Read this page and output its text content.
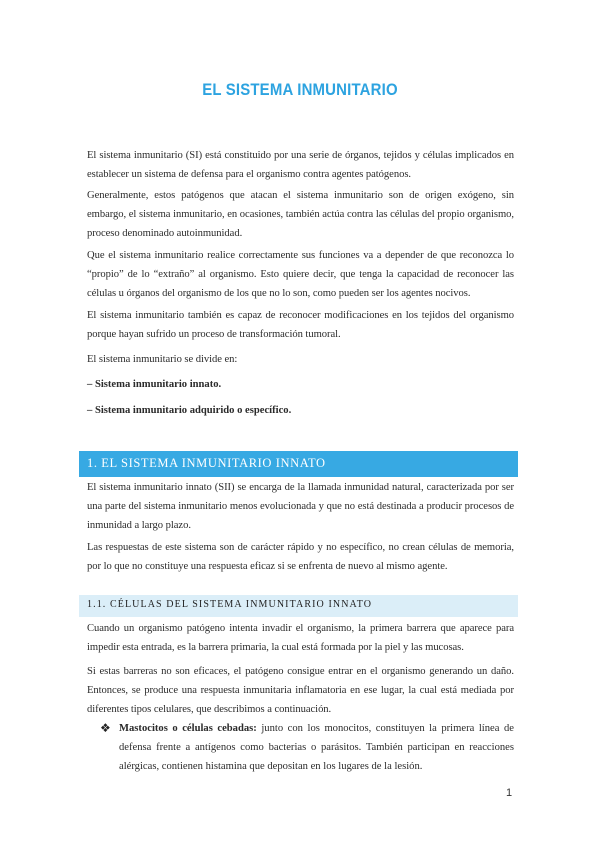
EL SISTEMA INMUNITARIO

El sistema inmunitario (SI) está constituido por una serie de órganos, tejidos y células implicados en establecer un sistema de defensa para el organismo contra agentes patógenos.

Generalmente, estos patógenos que atacan el sistema inmunitario son de origen exógeno, sin embargo, el sistema inmunitario, en ocasiones, también actúa contra las células del propio organismo, proceso denominado autoinmunidad.

Que el sistema inmunitario realice correctamente sus funciones va a depender de que reconozca lo “propio” de lo “extraño” al organismo. Esto quiere decir, que tenga la capacidad de reconocer las células u órganos del organismo de los que no lo son, como pueden ser los agentes nocivos.

El sistema inmunitario también es capaz de reconocer modificaciones en los tejidos del organismo porque hayan sufrido un proceso de transformación tumoral.

El sistema inmunitario se divide en:

– Sistema inmunitario innato.

– Sistema inmunitario adquirido o específico.

1. EL SISTEMA INMUNITARIO INNATO

El sistema inmunitario innato (SII) se encarga de la llamada inmunidad natural, caracterizada por ser una parte del sistema inmunitario menos evolucionada y que no está destinada a producir procesos de inmunidad a largo plazo.

Las respuestas de este sistema son de carácter rápido y no específico, no crean células de memoria, por lo que no constituye una respuesta eficaz si se enfrenta de nuevo al mismo agente.

1.1. CÉLULAS DEL SISTEMA INMUNITARIO INNATO

Cuando un organismo patógeno intenta invadir el organismo, la primera barrera que aparece para impedir esta entrada, es la barrera primaria, la cual está formada por la piel y las mucosas.

Si estas barreras no son eficaces, el patógeno consigue entrar en el organismo generando un daño. Entonces, se produce una respuesta inmunitaria inflamatoria en ese lugar, la cual está mediada por diferentes tipos celulares, que describimos a continuación.

❖ Mastocitos o células cebadas: junto con los monocitos, constituyen la primera línea de defensa frente a antígenos como bacterias o parásitos. También participan en reacciones alérgicas, contienen histamina que depositan en los lugares de la lesión.

1
